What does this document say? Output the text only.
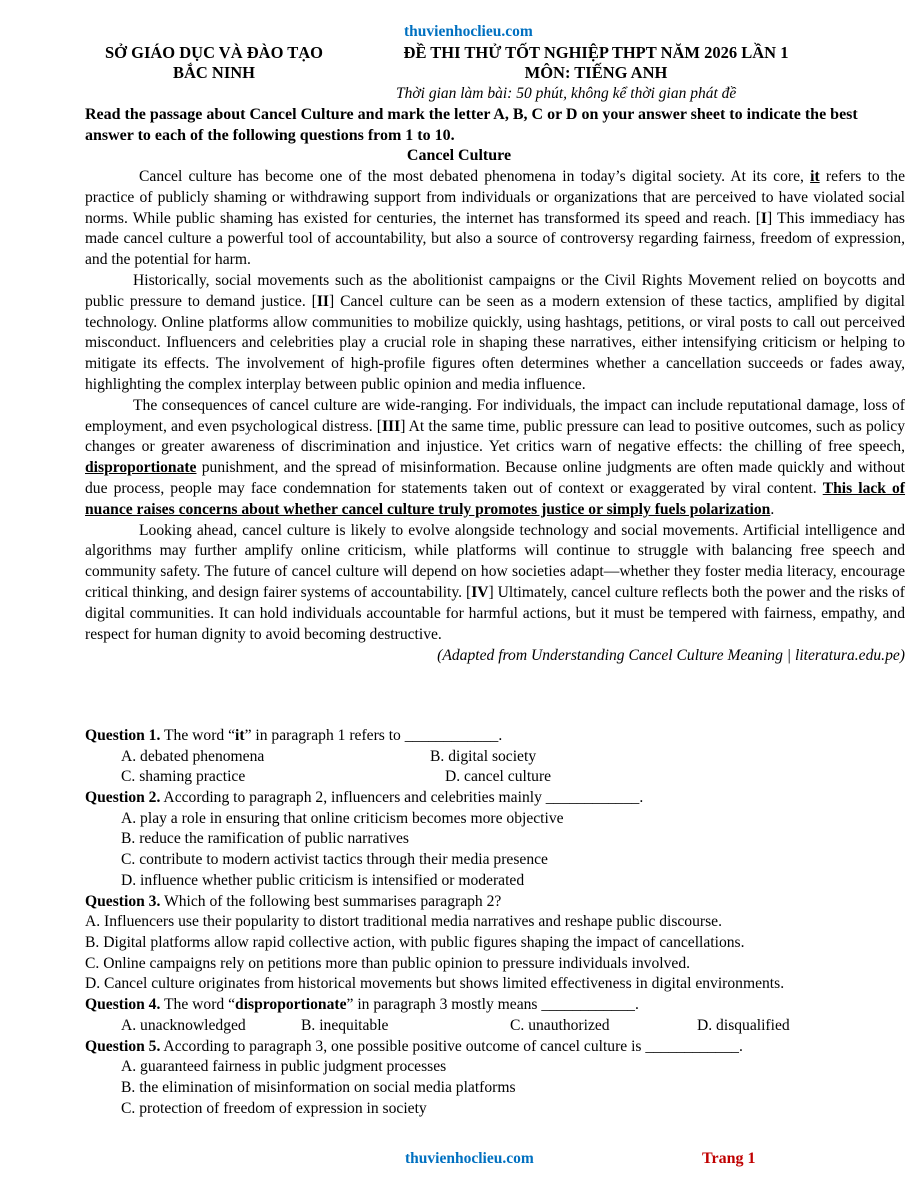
thuvienhoclieu.com
SỞ GIÁO DỤC VÀ ĐÀO TẠO
BẮC NINH
ĐỀ THI THỬ TỐT NGHIỆP THPT NĂM 2026 LẦN 1
MÔN: TIẾNG ANH
Thời gian làm bài: 50 phút, không kể thời gian phát đề
Read the passage about Cancel Culture and mark the letter A, B, C or D on your answer sheet to indicate the best answer to each of the following questions from 1 to 10.
Cancel Culture

Cancel culture has become one of the most debated phenomena in today’s digital society. At its core, it refers to the practice of publicly shaming or withdrawing support from individuals or organizations that are perceived to have violated social norms. While public shaming has existed for centuries, the internet has transformed its speed and reach. [I] This immediacy has made cancel culture a powerful tool of accountability, but also a source of controversy regarding fairness, freedom of expression, and the potential for harm.

Historically, social movements such as the abolitionist campaigns or the Civil Rights Movement relied on boycotts and public pressure to demand justice. [II] Cancel culture can be seen as a modern extension of these tactics, amplified by digital technology. Online platforms allow communities to mobilize quickly, using hashtags, petitions, or viral posts to call out perceived misconduct. Influencers and celebrities play a crucial role in shaping these narratives, either intensifying criticism or helping to mitigate its effects. The involvement of high-profile figures often determines whether a cancellation succeeds or fades away, highlighting the complex interplay between public opinion and media influence.

The consequences of cancel culture are wide-ranging. For individuals, the impact can include reputational damage, loss of employment, and even psychological distress. [III] At the same time, public pressure can lead to positive outcomes, such as policy changes or greater awareness of discrimination and injustice. Yet critics warn of negative effects: the chilling of free speech, disproportionate punishment, and the spread of misinformation. Because online judgments are often made quickly and without due process, people may face condemnation for statements taken out of context or exaggerated by viral content. This lack of nuance raises concerns about whether cancel culture truly promotes justice or simply fuels polarization.

Looking ahead, cancel culture is likely to evolve alongside technology and social movements. Artificial intelligence and algorithms may further amplify online criticism, while platforms will continue to struggle with balancing free speech and community safety. The future of cancel culture will depend on how societies adapt—whether they foster media literacy, encourage critical thinking, and design fairer systems of accountability. [IV] Ultimately, cancel culture reflects both the power and the risks of digital communities. It can hold individuals accountable for harmful actions, but it must be tempered with fairness, empathy, and respect for human dignity to avoid becoming destructive.

(Adapted from Understanding Cancel Culture Meaning | literatura.edu.pe)
Question 1. The word “it” in paragraph 1 refers to ____________.
A. debated phenomena	B. digital society
C. shaming practice	D. cancel culture
Question 2. According to paragraph 2, influencers and celebrities mainly ____________.
A. play a role in ensuring that online criticism becomes more objective
B. reduce the ramification of public narratives
C. contribute to modern activist tactics through their media presence
D. influence whether public criticism is intensified or moderated
Question 3. Which of the following best summarises paragraph 2?
A. Influencers use their popularity to distort traditional media narratives and reshape public discourse.
B. Digital platforms allow rapid collective action, with public figures shaping the impact of cancellations.
C. Online campaigns rely on petitions more than public opinion to pressure individuals involved.
D. Cancel culture originates from historical movements but shows limited effectiveness in digital environments.
Question 4. The word “disproportionate” in paragraph 3 mostly means ____________.
A. unacknowledged	B. inequitable	C. unauthorized	D. disqualified
Question 5. According to paragraph 3, one possible positive outcome of cancel culture is ____________.
A. guaranteed fairness in public judgment processes
B. the elimination of misinformation on social media platforms
C. protection of freedom of expression in society
thuvienhoclieu.com	Trang 1
